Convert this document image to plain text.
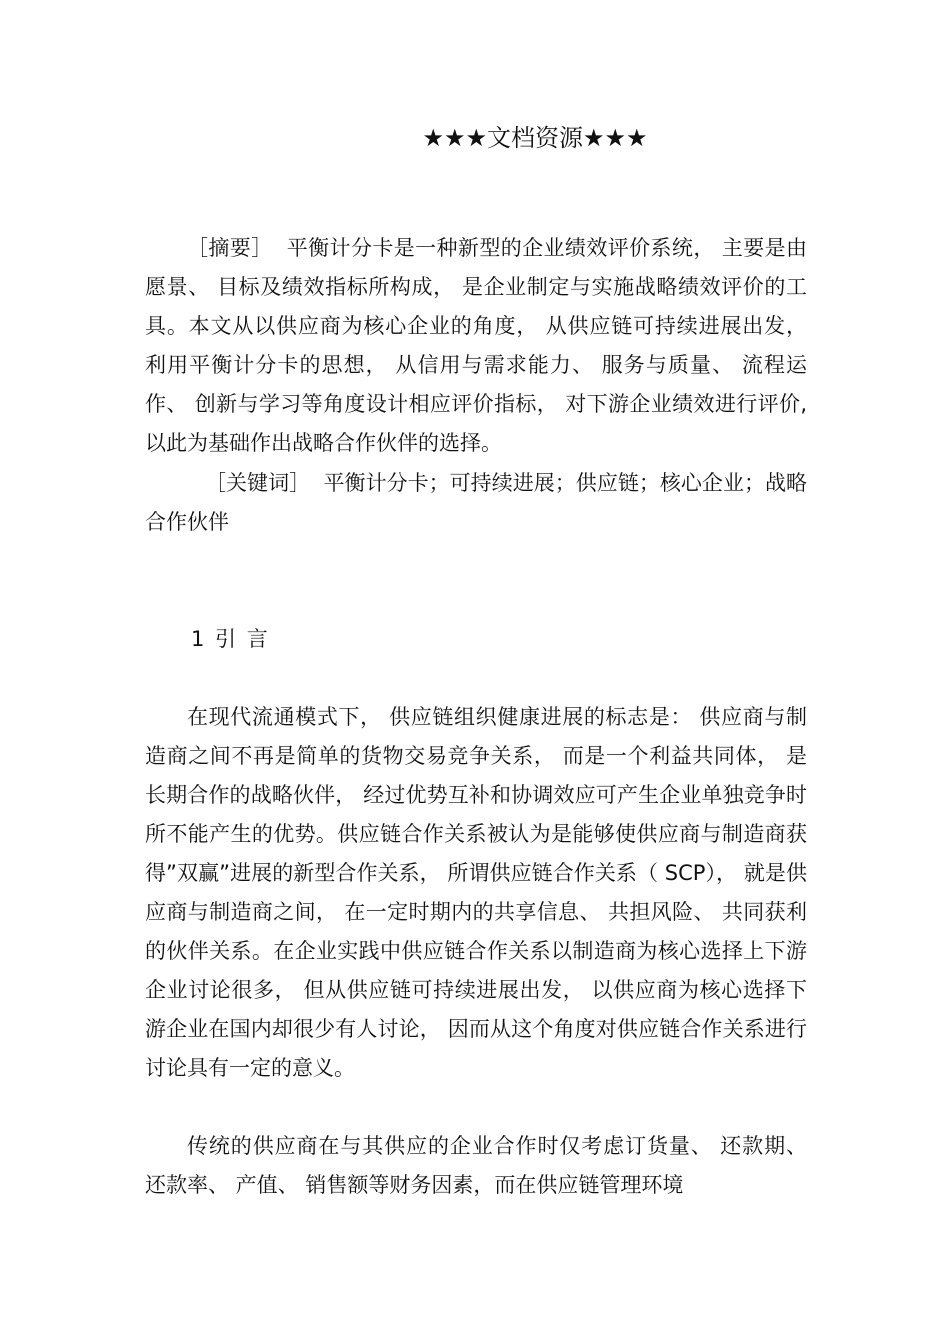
★★★文档资源★★★
［摘要］ 平衡计分卡是一种新型的企业绩效评价系统， 主要是由愿景、 目标及绩效指标所构成， 是企业制定与实施战略绩效评价的工具。本文从以供应商为核心企业的角度， 从供应链可持续进展出发， 利用平衡计分卡的思想， 从信用与需求能力、 服务与质量、 流程运作、 创新与学习等角度设计相应评价指标， 对下游企业绩效进行评价,以此为基础作出战略合作伙伴的选择。
［关键词］ 平衡计分卡；可持续进展；供应链；核心企业；战略合作伙伴
1 引 言

在现代流通模式下， 供应链组织健康进展的标志是： 供应商与制造商之间不再是简单的货物交易竞争关系， 而是一个利益共同体， 是长期合作的战略伙伴， 经过优势互补和协调效应可产生企业单独竞争时所不能产生的优势。供应链合作关系被认为是能够使供应商与制造商获得”双赢”进展的新型合作关系， 所谓供应链合作关系（ SCP）， 就是供应商与制造商之间， 在一定时期内的共享信息、 共担风险、 共同获利的伙伴关系。在企业实践中供应链合作关系以制造商为核心选择上下游企业讨论很多， 但从供应链可持续进展出发， 以供应商为核心选择下游企业在国内却很少有人讨论， 因而从这个角度对供应链合作关系进行讨论具有一定的意义。

传统的供应商在与其供应的企业合作时仅考虑订货量、 还款期、 还款率、 产值、 销售额等财务因素，而在供应链管理环境
